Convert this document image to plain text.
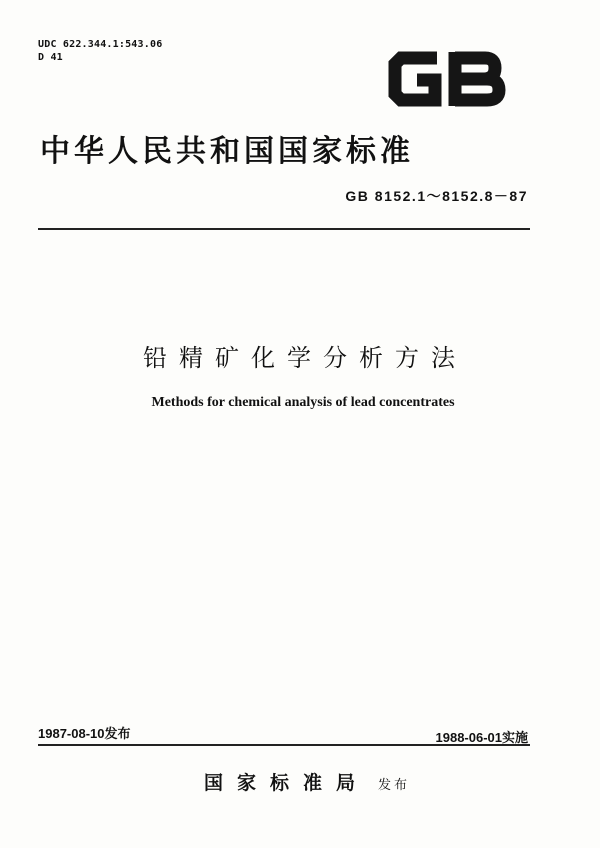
UDC 622.344.1:543.06
D 41
中华人民共和国国家标准
GB 8152.1～8152.8－87
铅精矿化学分析方法
Methods for chemical analysis of lead concentrates
1987-08-10发布	1988-06-01实施
国家标准局 发布
